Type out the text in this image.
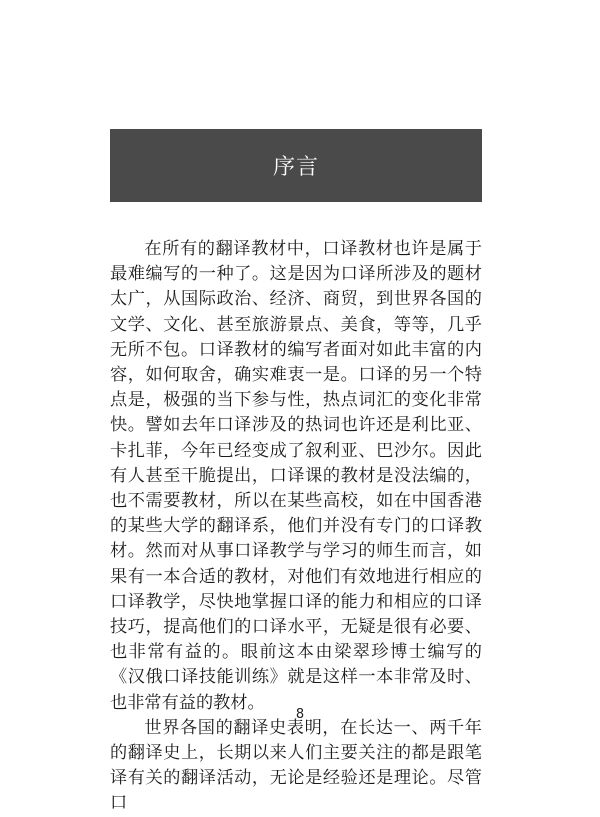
序言

在所有的翻译教材中，口译教材也许是属于最难编写的一种了。这是因为口译所涉及的题材太广，从国际政治、经济、商贸，到世界各国的文学、文化、甚至旅游景点、美食，等等，几乎无所不包。口译教材的编写者面对如此丰富的内容，如何取舍，确实难衷一是。口译的另一个特点是，极强的当下参与性，热点词汇的变化非常快。譬如去年口译涉及的热词也许还是利比亚、卡扎菲，今年已经变成了叙利亚、巴沙尔。因此有人甚至干脆提出，口译课的教材是没法编的，也不需要教材，所以在某些高校，如在中国香港的某些大学的翻译系，他们并没有专门的口译教材。然而对从事口译教学与学习的师生而言，如果有一本合适的教材，对他们有效地进行相应的口译教学，尽快地掌握口译的能力和相应的口译技巧，提高他们的口译水平，无疑是很有必要、也非常有益的。眼前这本由梁翠珍博士编写的《汉俄口译技能训练》就是这样一本非常及时、也非常有益的教材。

世界各国的翻译史表明，在长达一、两千年的翻译史上，长期以来人们主要关注的都是跟笔译有关的翻译活动，无论是经验还是理论。尽管口

8
